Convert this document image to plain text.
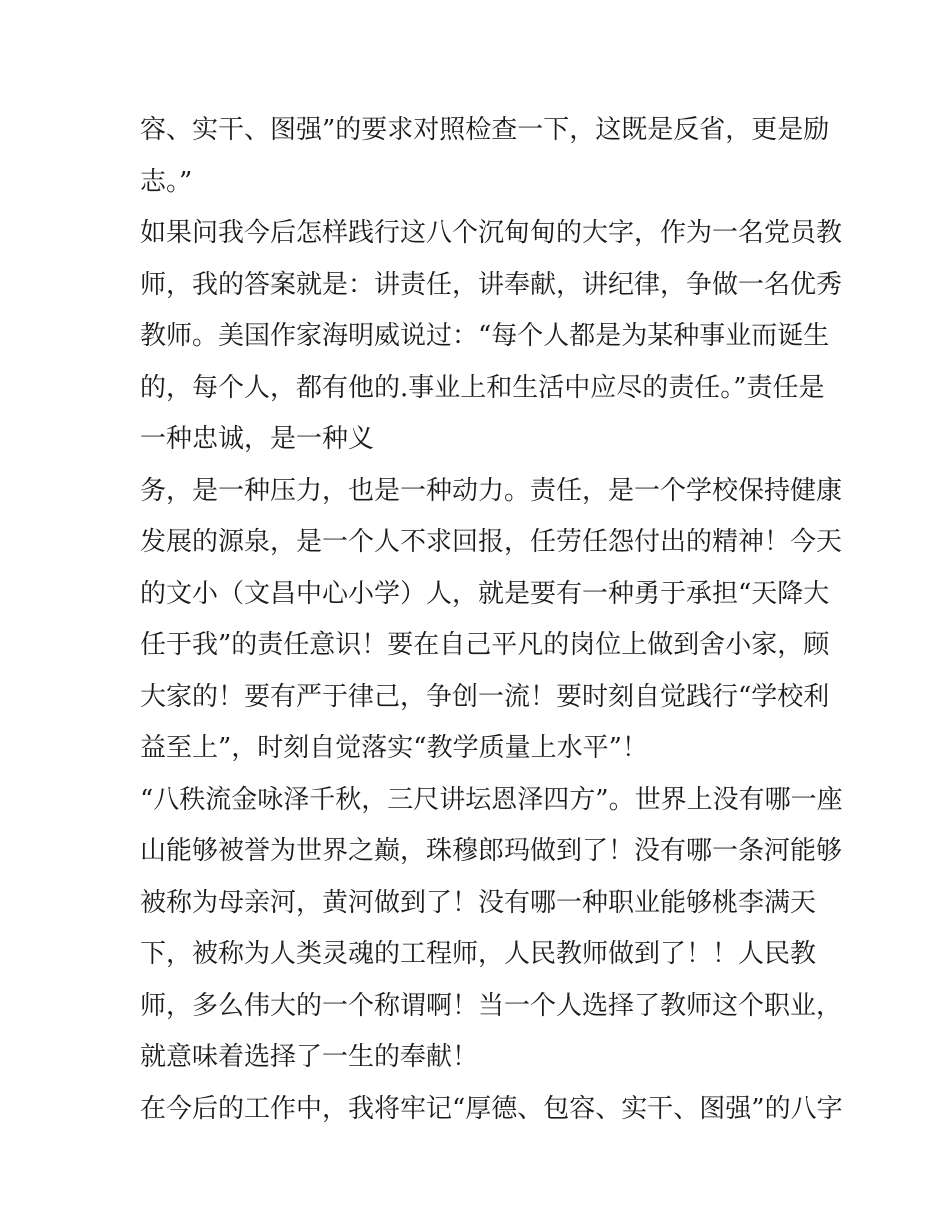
容、实干、图强”的要求对照检查一下，这既是反省，更是励
志。”
如果问我今后怎样践行这八个沉甸甸的大字，作为一名党员教
师，我的答案就是：讲责任，讲奉献，讲纪律，争做一名优秀
教师。美国作家海明威说过：“每个人都是为某种事业而诞生
的，每个人，都有他的.事业上和生活中应尽的责任。”责任是
一种忠诚，是一种义
务，是一种压力，也是一种动力。责任，是一个学校保持健康
发展的源泉，是一个人不求回报，任劳任怨付出的精神！今天
的文小（文昌中心小学）人，就是要有一种勇于承担“天降大
任于我”的责任意识！要在自己平凡的岗位上做到舍小家，顾
大家的！要有严于律己，争创一流！要时刻自觉践行“学校利
益至上”，时刻自觉落实“教学质量上水平”！
“八秩流金咏泽千秋，三尺讲坛恩泽四方”。世界上没有哪一座
山能够被誉为世界之巅，珠穆郎玛做到了！没有哪一条河能够
被称为母亲河，黄河做到了！没有哪一种职业能够桃李满天
下，被称为人类灵魂的工程师，人民教师做到了！！人民教
师，多么伟大的一个称谓啊！当一个人选择了教师这个职业，
就意味着选择了一生的奉献！
在今后的工作中，我将牢记“厚德、包容、实干、图强”的八字
